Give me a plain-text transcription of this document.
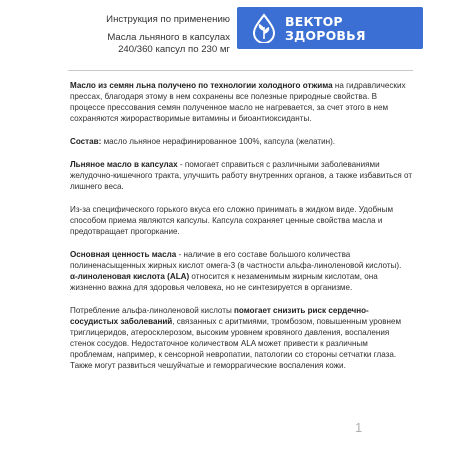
Инструкция по применению
Масла льняного в капсулах
240/360 капсул по 230 мг
ВЕКТОР
ЗДОРОВЬЯ

Масло из семян льна получено по технологии холодного отжима на гидравлических прессах, благодаря этому в нем сохранены все полезные природные свойства. В процессе прессования семян полученное масло не нагревается, за счет этого в нем сохраняются жирорастворимые витамины и биоантиоксиданты.

Состав: масло льняное нерафинированное 100%, капсула (желатин).

Льняное масло в капсулах - помогает справиться с различными заболеваниями желудочно-кишечного тракта, улучшить работу внутренних органов, а также избавиться от лишнего веса.

Из-за специфического горького вкуса его сложно принимать в жидком виде. Удобным способом приема являются капсулы. Капсула сохраняет ценные свойства масла и предотвращает прогоркание.

Основная ценность масла - наличие в его составе большого количества полиненасыщенных жирных кислот омега-3 (в частности альфа-линоленовой кислоты).

α-линоленовая кислота (ALA) относится к незаменимым жирным кислотам, она жизненно важна для здоровья человека, но не синтезируется в организме.

Потребление альфа-линоленовой кислоты помогает снизить риск сердечно-сосудистых заболеваний, связанных с аритмиями, тромбозом, повышенным уровнем триглицеридов, атеросклерозом, высоким уровнем кровяного давления, воспаления стенок сосудов. Недостаточное количеством ALA может привести к различным проблемам, например, к сенсорной невропатии, патологии со стороны сетчатки глаза. Также могут развиться чешуйчатые и геморрагические воспаления кожи.

1
